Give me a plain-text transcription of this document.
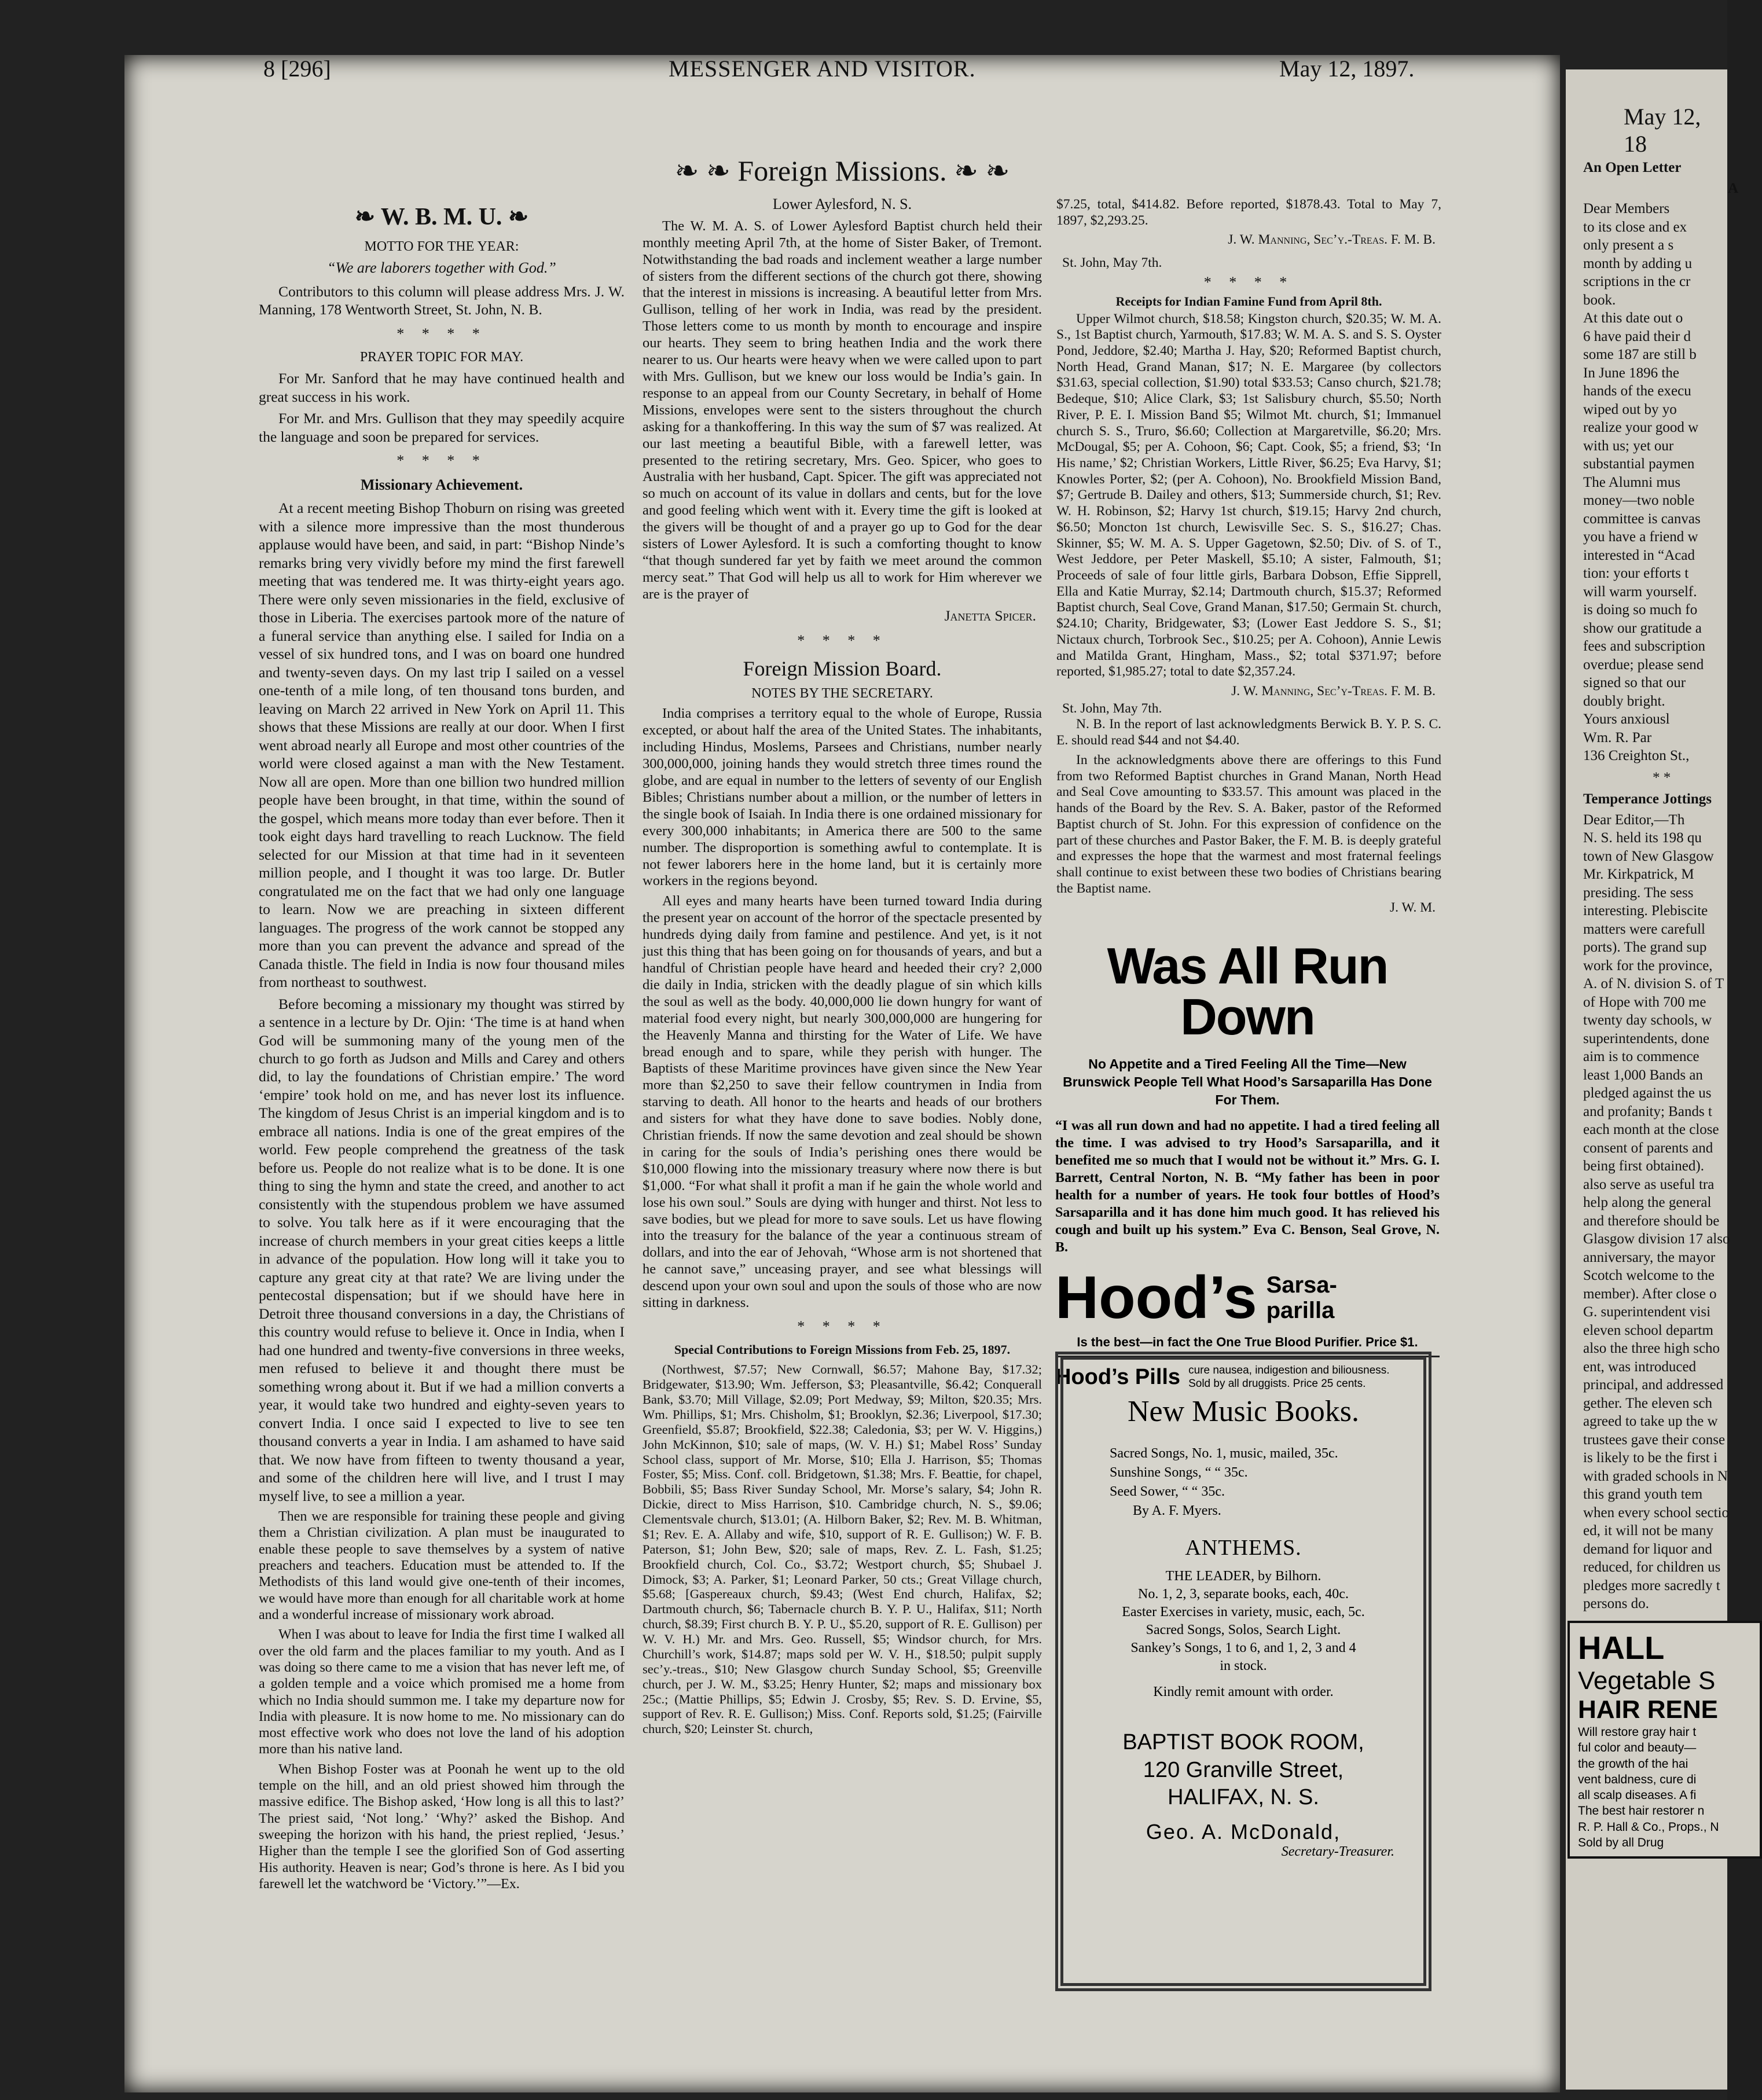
8 [296]	MESSENGER AND VISITOR.	May 12, 1897.
May 12, 18
❧ W. B. M. U. ❧
MOTTO FOR THE YEAR:
“We are laborers together with God.”

Contributors to this column will please address Mrs. J. W. Manning, 178 Wentworth Street, St. John, N. B.

* * * *
PRAYER TOPIC FOR MAY.

For Mr. Sanford that he may have continued health and great success in his work.

For Mr. and Mrs. Gullison that they may speedily acquire the language and soon be prepared for services.

* * * *
Missionary Achievement.

At a recent meeting Bishop Thoburn on rising was greeted with a silence more impressive than the most thunderous applause would have been, and said, in part: “Bishop Ninde’s remarks bring very vividly before my mind the first farewell meeting that was tendered me. It was thirty-eight years ago. There were only seven missionaries in the field, exclusive of those in Liberia. The exercises partook more of the nature of a funeral service than anything else. I sailed for India on a vessel of six hundred tons, and I was on board one hundred and twenty-seven days. On my last trip I sailed on a vessel one-tenth of a mile long, of ten thousand tons burden, and leaving on March 22 arrived in New York on April 11. This shows that these Missions are really at our door. When I first went abroad nearly all Europe and most other countries of the world were closed against a man with the New Testament. Now all are open. More than one billion two hundred million people have been brought, in that time, within the sound of the gospel, which means more today than ever before. Then it took eight days hard travelling to reach Lucknow. The field selected for our Mission at that time had in it seventeen million people, and I thought it was too large. Dr. Butler congratulated me on the fact that we had only one language to learn. Now we are preaching in sixteen different languages. The progress of the work cannot be stopped any more than you can prevent the advance and spread of the Canada thistle. The field in India is now four thousand miles from northeast to southwest.

Before becoming a missionary my thought was stirred by a sentence in a lecture by Dr. Ojin: ‘The time is at hand when God will be summoning many of the young men of the church to go forth as Judson and Mills and Carey and others did, to lay the foundations of Christian empire.’ The word ‘empire’ took hold on me, and has never lost its influence. The kingdom of Jesus Christ is an imperial kingdom and is to embrace all nations. India is one of the great empires of the world. Few people comprehend the greatness of the task before us. People do not realize what is to be done. It is one thing to sing the hymn and state the creed, and another to act consistently with the stupendous problem we have assumed to solve. You talk here as if it were encouraging that the increase of church members in your great cities keeps a little in advance of the population. How long will it take you to capture any great city at that rate? We are living under the pentecostal dispensation; but if we should have here in Detroit three thousand conversions in a day, the Christians of this country would refuse to believe it. Once in India, when I had one hundred and twenty-five conversions in three weeks, men refused to believe it and thought there must be something wrong about it. But if we had a million converts a year, it would take two hundred and eighty-seven years to convert India. I once said I expected to live to see ten thousand converts a year in India. I am ashamed to have said that. We now have from fifteen to twenty thousand a year, and some of the children here will live, and I trust I may myself live, to see a million a year.

Then we are responsible for training these people and giving them a Christian civilization. A plan must be inaugurated to enable these people to save themselves by a system of native preachers and teachers. Education must be attended to. If the Methodists of this land would give one-tenth of their incomes, we would have more than enough for all charitable work at home and a wonderful increase of missionary work abroad.

When I was about to leave for India the first time I walked all over the old farm and the places familiar to my youth. And as I was doing so there came to me a vision that has never left me, of a golden temple and a voice which promised me a home from which no India should summon me. I take my departure now for India with pleasure. It is now home to me. No missionary can do most effective work who does not love the land of his adoption more than his native land.

When Bishop Foster was at Poonah he went up to the old temple on the hill, and an old priest showed him through the massive edifice. The Bishop asked, ‘How long is all this to last?’ The priest said, ‘Not long.’ ‘Why?’ asked the Bishop. And sweeping the horizon with his hand, the priest replied, ‘Jesus.’ Higher than the temple I see the glorified Son of God asserting His authority. Heaven is near; God’s throne is here. As I bid you farewell let the watchword be ‘Victory.’”—Ex.

❧ ❧ Foreign Missions. ❧ ❧
Lower Aylesford, N. S.

The W. M. A. S. of Lower Aylesford Baptist church held their monthly meeting April 7th, at the home of Sister Baker, of Tremont. Notwithstanding the bad roads and inclement weather a large number of sisters from the different sections of the church got there, showing that the interest in missions is increasing. A beautiful letter from Mrs. Gullison, telling of her work in India, was read by the president. Those letters come to us month by month to encourage and inspire our hearts. They seem to bring heathen India and the work there nearer to us. Our hearts were heavy when we were called upon to part with Mrs. Gullison, but we knew our loss would be India’s gain. In response to an appeal from our County Secretary, in behalf of Home Missions, envelopes were sent to the sisters throughout the church asking for a thankoffering. In this way the sum of $7 was realized. At our last meeting a beautiful Bible, with a farewell letter, was presented to the retiring secretary, Mrs. Geo. Spicer, who goes to Australia with her husband, Capt. Spicer. The gift was appreciated not so much on account of its value in dollars and cents, but for the love and good feeling which went with it. Every time the gift is looked at the givers will be thought of and a prayer go up to God for the dear sisters of Lower Aylesford. It is such a comforting thought to know “that though sundered far yet by faith we meet around the common mercy seat.” That God will help us all to work for Him wherever we are is the prayer of

Janetta Spicer.
* * * *
Foreign Mission Board.
NOTES BY THE SECRETARY.

India comprises a territory equal to the whole of Europe, Russia excepted, or about half the area of the United States. The inhabitants, including Hindus, Moslems, Parsees and Christians, number nearly 300,000,000, joining hands they would stretch three times round the globe, and are equal in number to the letters of seventy of our English Bibles; Christians number about a million, or the number of letters in the single book of Isaiah. In India there is one ordained missionary for every 300,000 inhabitants; in America there are 500 to the same number. The disproportion is something awful to contemplate. It is not fewer laborers here in the home land, but it is certainly more workers in the regions beyond.

All eyes and many hearts have been turned toward India during the present year on account of the horror of the spectacle presented by hundreds dying daily from famine and pestilence. And yet, is it not just this thing that has been going on for thousands of years, and but a handful of Christian people have heard and heeded their cry? 2,000 die daily in India, stricken with the deadly plague of sin which kills the soul as well as the body. 40,000,000 lie down hungry for want of material food every night, but nearly 300,000,000 are hungering for the Heavenly Manna and thirsting for the Water of Life. We have bread enough and to spare, while they perish with hunger. The Baptists of these Maritime provinces have given since the New Year more than $2,250 to save their fellow countrymen in India from starving to death. All honor to the hearts and heads of our brothers and sisters for what they have done to save bodies. Nobly done, Christian friends. If now the same devotion and zeal should be shown in caring for the souls of India’s perishing ones there would be $10,000 flowing into the missionary treasury where now there is but $1,000. “For what shall it profit a man if he gain the whole world and lose his own soul.” Souls are dying with hunger and thirst. Not less to save bodies, but we plead for more to save souls. Let us have flowing into the treasury for the balance of the year a continuous stream of dollars, and into the ear of Jehovah, “Whose arm is not shortened that he cannot save,” unceasing prayer, and see what blessings will descend upon your own soul and upon the souls of those who are now sitting in darkness.

* * * *
Special Contributions to Foreign Missions from Feb. 25, 1897.

(Northwest, $7.57; New Cornwall, $6.57; Mahone Bay, $17.32; Bridgewater, $13.90; Wm. Jefferson, $3; Pleasantville, $6.42; Conquerall Bank, $3.70; Mill Village, $2.09; Port Medway, $9; Milton, $20.35; Mrs. Wm. Phillips, $1; Mrs. Chisholm, $1; Brooklyn, $2.36; Liverpool, $17.30; Greenfield, $5.87; Brookfield, $22.38; Caledonia, $3; per W. V. Higgins,) John McKinnon, $10; sale of maps, (W. V. H.) $1; Mabel Ross’ Sunday School class, support of Mr. Morse, $10; Ella J. Harrison, $5; Thomas Foster, $5; Miss. Conf. coll. Bridgetown, $1.38; Mrs. F. Beattie, for chapel, Bobbili, $5; Bass River Sunday School, Mr. Morse’s salary, $4; John R. Dickie, direct to Miss Harrison, $10. Cambridge church, N. S., $9.06; Clementsvale church, $13.01; (A. Hilborn Baker, $2; Rev. M. B. Whitman, $1; Rev. E. A. Allaby and wife, $10, support of R. E. Gullison;) W. F. B. Paterson, $1; John Bew, $20; sale of maps, Rev. Z. L. Fash, $1.25; Brookfield church, Col. Co., $3.72; Westport church, $5; Shubael J. Dimock, $3; A. Parker, $1; Leonard Parker, 50 cts.; Great Village church, $5.68; [Gaspereaux church, $9.43; (West End church, Halifax, $2; Dartmouth church, $6; Tabernacle church B. Y. P. U., Halifax, $11; North church, $8.39; First church B. Y. P. U., $5.20, support of R. E. Gullison) per W. V. H.) Mr. and Mrs. Geo. Russell, $5; Windsor church, for Mrs. Churchill’s work, $14.87; maps sold per W. V. H., $18.50; pulpit supply sec’y.-treas., $10; New Glasgow church Sunday School, $5; Greenville church, per J. W. M., $3.25; Henry Hunter, $2; maps and missionary box 25c.; (Mattie Phillips, $5; Edwin J. Crosby, $5; Rev. S. D. Ervine, $5, support of Rev. R. E. Gullison;) Miss. Conf. Reports sold, $1.25; (Fairville church, $20; Leinster St. church,

$7.25, total, $414.82. Before reported, $1878.43. Total to May 7, 1897, $2,293.25.

J. W. Manning, Sec’y.-Treas. F. M. B.
St. John, May 7th.
* * * *
Receipts for Indian Famine Fund from April 8th.

Upper Wilmot church, $18.58; Kingston church, $20.35; W. M. A. S., 1st Baptist church, Yarmouth, $17.83; W. M. A. S. and S. S. Oyster Pond, Jeddore, $2.40; Martha J. Hay, $20; Reformed Baptist church, North Head, Grand Manan, $17; N. E. Margaree (by collectors $31.63, special collection, $1.90) total $33.53; Canso church, $21.78; Bedeque, $10; Alice Clark, $3; 1st Salisbury church, $5.50; North River, P. E. I. Mission Band $5; Wilmot Mt. church, $1; Immanuel church S. S., Truro, $6.60; Collection at Margaretville, $6.20; Mrs. McDougal, $5; per A. Cohoon, $6; Capt. Cook, $5; a friend, $3; ‘In His name,’ $2; Christian Workers, Little River, $6.25; Eva Harvy, $1; Knowles Porter, $2; (per A. Cohoon), No. Brookfield Mission Band, $7; Gertrude B. Dailey and others, $13; Summerside church, $1; Rev. W. H. Robinson, $2; Harvy 1st church, $19.15; Harvy 2nd church, $6.50; Moncton 1st church, Lewisville Sec. S. S., $16.27; Chas. Skinner, $5; W. M. A. S. Upper Gagetown, $2.50; Div. of S. of T., West Jeddore, per Peter Maskell, $5.10; A sister, Falmouth, $1; Proceeds of sale of four little girls, Barbara Dobson, Effie Sipprell, Ella and Katie Murray, $2.14; Dartmouth church, $15.37; Reformed Baptist church, Seal Cove, Grand Manan, $17.50; Germain St. church, $24.10; Charity, Bridgewater, $3; (Lower East Jeddore S. S., $1; Nictaux church, Torbrook Sec., $10.25; per A. Cohoon), Annie Lewis and Matilda Grant, Hingham, Mass., $2; total $371.97; before reported, $1,985.27; total to date $2,357.24.

J. W. Manning, Sec’y-Treas. F. M. B.
St. John, May 7th.

N. B. In the report of last acknowledgments Berwick B. Y. P. S. C. E. should read $44 and not $4.40.

In the acknowledgments above there are offerings to this Fund from two Reformed Baptist churches in Grand Manan, North Head and Seal Cove amounting to $33.57. This amount was placed in the hands of the Board by the Rev. S. A. Baker, pastor of the Reformed Baptist church of St. John. For this expression of confidence on the part of these churches and Pastor Baker, the F. M. B. is deeply grateful and expresses the hope that the warmest and most fraternal feelings shall continue to exist between these two bodies of Christians bearing the Baptist name.

J. W. M.
Was All Run Down
No Appetite and a Tired Feeling All the Time—New Brunswick People Tell What Hood’s Sarsaparilla Has Done For Them.
“I was all run down and had no appetite. I had a tired feeling all the time. I was advised to try Hood’s Sarsaparilla, and it benefited me so much that I would not be without it.” Mrs. G. I. Barrett, Central Norton, N. B. “My father has been in poor health for a number of years. He took four bottles of Hood’s Sarsaparilla and it has done him much good. It has relieved his cough and built up his system.” Eva C. Benson, Seal Grove, N. B.
Hood’s Sarsa-
parilla
Is the best—in fact the One True Blood Purifier. Price $1.
Hood’s Pills cure nausea, indigestion and biliousness.
Sold by all druggists. Price 25 cents.
New Music Books.
Sacred Songs, No. 1, music, mailed, 35c.
Sunshine Songs, “ “ 35c.
Seed Sower, “ “ 35c.
By A. F. Myers.
ANTHEMS.
THE LEADER, by Bilhorn.
No. 1, 2, 3, separate books, each, 40c.
Easter Exercises in variety, music, each, 5c.
Sacred Songs, Solos, Search Light.
Sankey’s Songs, 1 to 6, and 1, 2, 3 and 4
in stock.
Kindly remit amount with order.
BAPTIST BOOK ROOM,
120 Granville Street,
HALIFAX, N. S.
Geo. A. McDonald,
Secretary-Treasurer.
An Open Letter
A

Dear Members

to its close and ex

only present a s

month by adding u

scriptions in the cr

book.

At this date out o

6 have paid their d

some 187 are still b

In June 1896 the

hands of the execu

wiped out by yo

realize your good w

with us; yet our

substantial paymen

The Alumni mus

money—two noble

committee is canvas

you have a friend w

interested in “Acad

tion: your efforts t

will warm yourself.

is doing so much fo

show our gratitude a

fees and subscription

overdue; please send

signed so that our

doubly bright.

Yours anxiousl

Wm. R. Par

136 Creighton St.,

* *
Temperance Jottings

Dear Editor,—Th

N. S. held its 198 qu

town of New Glasgow

Mr. Kirkpatrick, M

presiding. The sess

interesting. Plebiscite

matters were carefull

ports). The grand sup

work for the province,

A. of N. division S. of T

of Hope with 700 me

twenty day schools, w

superintendents, done

aim is to commence

least 1,000 Bands an

pledged against the us

and profanity; Bands t

each month at the close

consent of parents and

being first obtained).

also serve as useful tra

help along the general

and therefore should be

Glasgow division 17 also

anniversary, the mayor

Scotch welcome to the

member). After close o

G. superintendent visi

eleven school departm

also the three high scho

ent, was introduced

principal, and addressed

gether. The eleven sch

agreed to take up the w

trustees gave their conse

is likely to be the first i

with graded schools in N

this grand youth tem

when every school sectio

ed, it will not be many

demand for liquor and

reduced, for children us

pledges more sacredly t

persons do.

HALL
Vegetable S
HAIR RENE
Will restore gray hair t
ful color and beauty—
the growth of the hai
vent baldness, cure di
all scalp diseases. A fi
The best hair restorer n
R. P. Hall & Co., Props., N
Sold by all Drug
